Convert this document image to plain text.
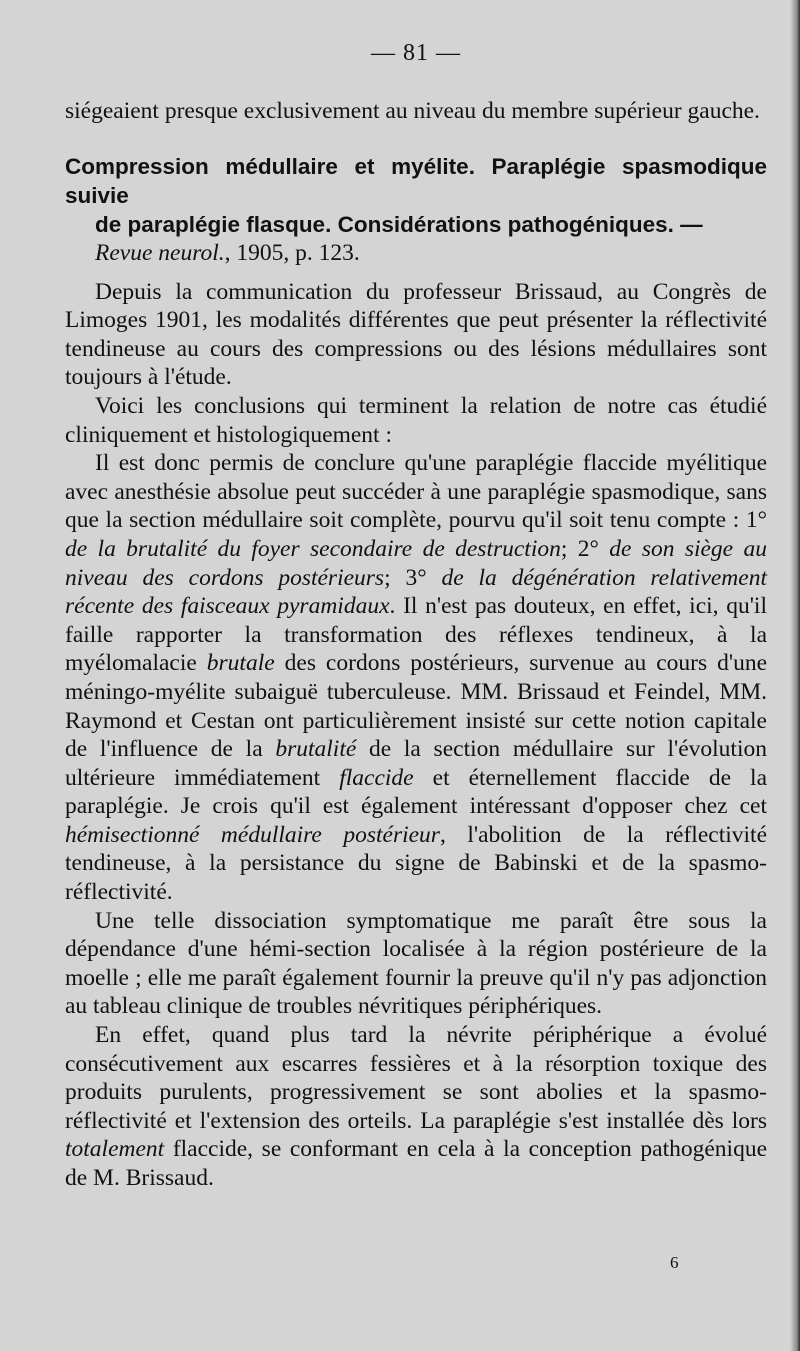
— 81 —

siégeaient presque exclusivement au niveau du membre supérieur gauche.

Compression médullaire et myélite. Paraplégie spasmodique suivie
de paraplégie flasque. Considérations pathogéniques. —
Revue neurol., 1905, p. 123.

Depuis la communication du professeur Brissaud, au Congrès de Limoges 1901, les modalités différentes que peut présenter la réflectivité tendineuse au cours des compressions ou des lésions médullaires sont toujours à l'étude.

Voici les conclusions qui terminent la relation de notre cas étudié cliniquement et histologiquement :

Il est donc permis de conclure qu'une paraplégie flaccide myélitique avec anesthésie absolue peut succéder à une paraplégie spasmodique, sans que la section médullaire soit complète, pourvu qu'il soit tenu compte : 1° de la brutalité du foyer secondaire de destruction; 2° de son siège au niveau des cordons postérieurs; 3° de la dégénération relativement récente des faisceaux pyramidaux. Il n'est pas douteux, en effet, ici, qu'il faille rapporter la transformation des réflexes tendineux, à la myélomalacie brutale des cordons postérieurs, survenue au cours d'une méningo-myélite subaiguë tuberculeuse. MM. Brissaud et Feindel, MM. Raymond et Cestan ont particulièrement insisté sur cette notion capitale de l'influence de la brutalité de la section médullaire sur l'évolution ultérieure immédiatement flaccide et éternellement flaccide de la paraplégie. Je crois qu'il est également intéressant d'opposer chez cet hémisectionné médullaire postérieur, l'abolition de la réflectivité tendineuse, à la persistance du signe de Babinski et de la spasmo-réflectivité.

Une telle dissociation symptomatique me paraît être sous la dépendance d'une hémi-section localisée à la région postérieure de la moelle ; elle me paraît également fournir la preuve qu'il n'y pas adjonction au tableau clinique de troubles névritiques périphériques.

En effet, quand plus tard la névrite périphérique a évolué consécutivement aux escarres fessières et à la résorption toxique des produits purulents, progressivement se sont abolies et la spasmo-réflectivité et l'extension des orteils. La paraplégie s'est installée dès lors totalement flaccide, se conformant en cela à la conception pathogénique de M. Brissaud.

6
